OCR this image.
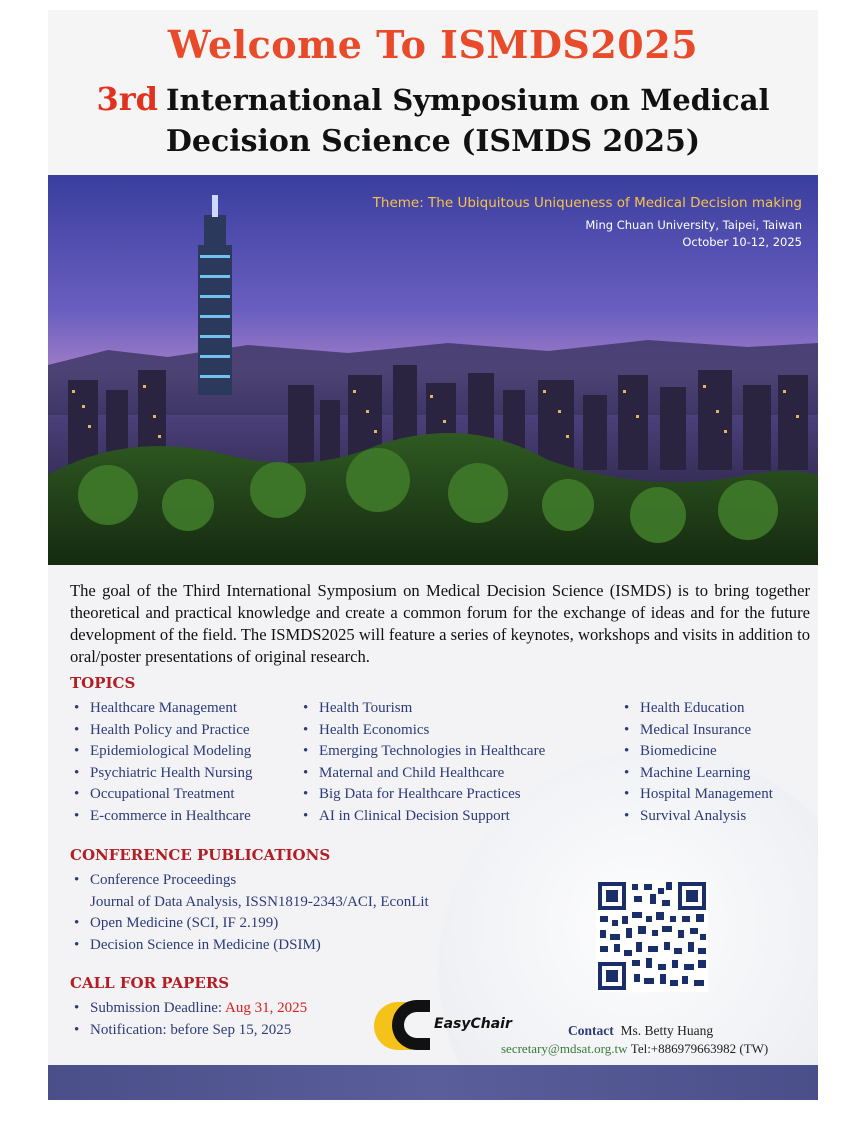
Welcome To ISMDS2025
3rd International Symposium on Medical
Decision Science (ISMDS 2025)
Theme: The Ubiquitous Uniqueness of Medical Decision making
Ming Chuan University, Taipei, Taiwan
October 10-12, 2025
The goal of the Third International Symposium on Medical Decision Science (ISMDS) is to bring together theoretical and practical knowledge and create a common forum for the exchange of ideas and for the future development of the field. The ISMDS2025 will feature a series of keynotes, workshops and visits in addition to oral/poster presentations of original research.
TOPICS
• Healthcare Management
• Health Policy and Practice
• Epidemiological Modeling
• Psychiatric Health Nursing
• Occupational Treatment
• E-commerce in Healthcare
• Health Tourism
• Health Economics
• Emerging Technologies in Healthcare
• Maternal and Child Healthcare
• Big Data for Healthcare Practices
• AI in Clinical Decision Support
• Health Education
• Medical Insurance
• Biomedicine
• Machine Learning
• Hospital Management
• Survival Analysis
CONFERENCE PUBLICATIONS
• Conference Proceedings
Journal of Data Analysis, ISSN1819-2343/ACI, EconLit
• Open Medicine (SCI, IF 2.199)
• Decision Science in Medicine (DSIM)
CALL FOR PAPERS
• Submission Deadline: Aug 31, 2025
• Notification: before Sep 15, 2025	EasyChair	Contact Ms. Betty Huang
secretary@mdsat.org.tw Tel:+886979663982 (TW)
